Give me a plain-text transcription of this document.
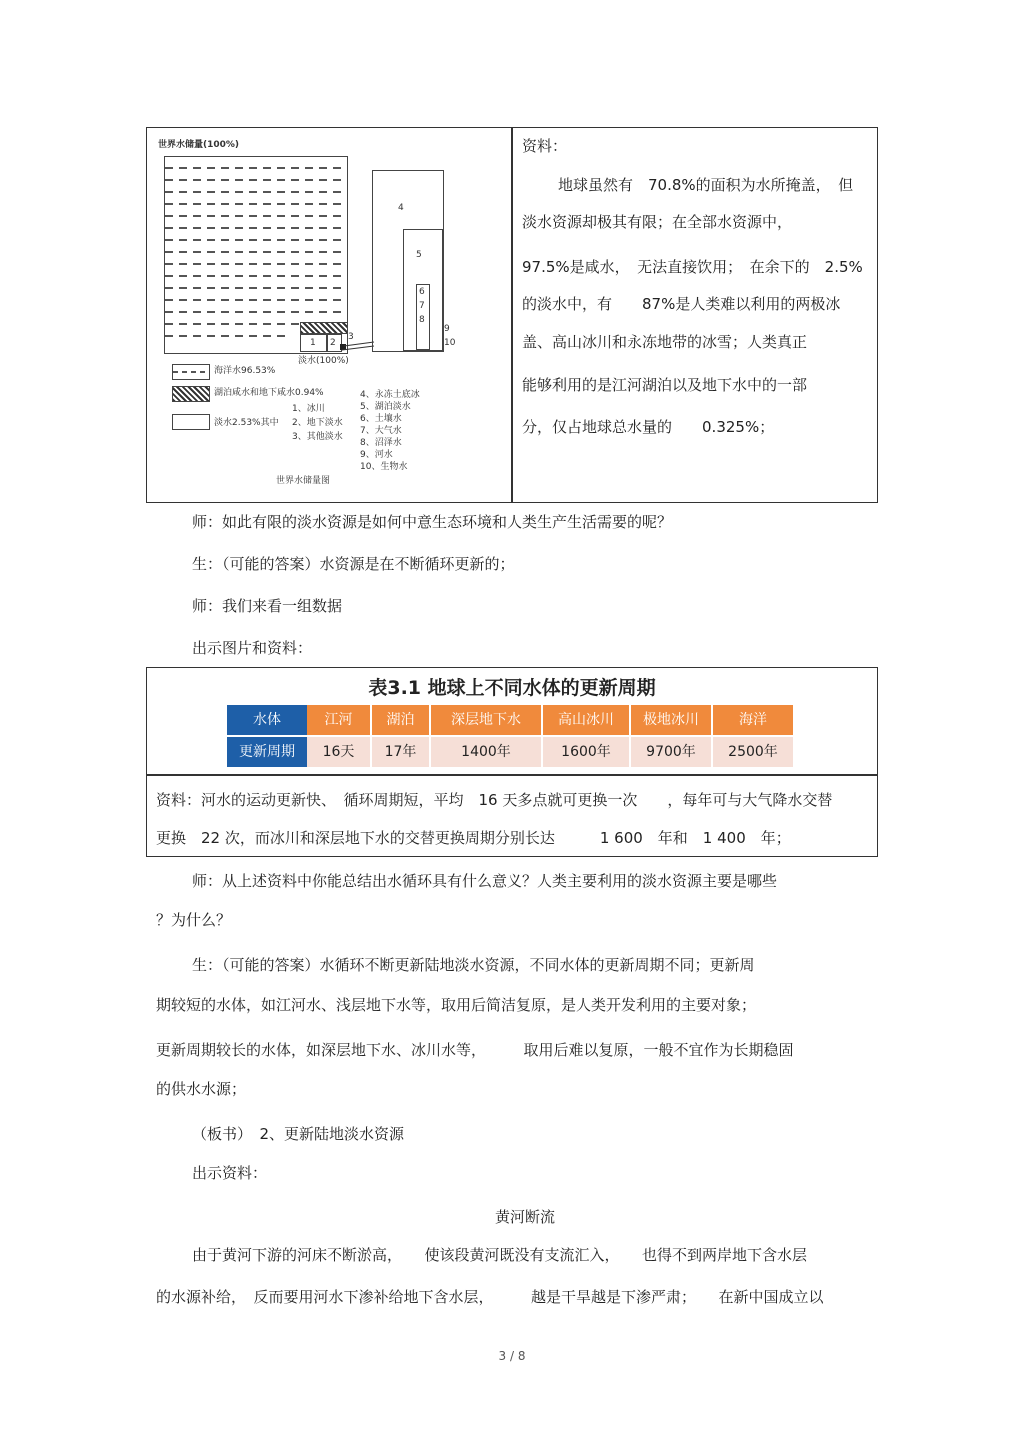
世界水储量(100%)
1 2
3
4
5
6
7
8
9
10
淡水(100%)
海洋水96.53%
湖泊咸水和地下咸水0.94%
淡水2.53%其中
1、冰川
2、地下淡水
3、其他淡水
4、永冻土底冰
5、湖泊淡水
6、土壤水
7、大气水
8、沼泽水
9、河水
10、生物水
世界水储量图
资料：
地球虽然有　70.8%的面积为水所掩盖，　但
淡水资源却极其有限；在全部水资源中，
97.5%是咸水，　无法直接饮用；　在余下的　2.5%
的淡水中，有　　87%是人类难以利用的两极冰
盖、高山冰川和永冻地带的冰雪；人类真正
能够利用的是江河湖泊以及地下水中的一部
分，仅占地球总水量的　　0.325%；
师：如此有限的淡水资源是如何中意生态环境和人类生产生活需要的呢？
生：（可能的答案）水资源是在不断循环更新的；
师：我们来看一组数据
出示图片和资料：
表3.1 地球上不同水体的更新周期
水体	江河	湖泊	深层地下水	高山冰川	极地冰川	海洋
更新周期	16天	17年	1400年	1600年	9700年	2500年
资料：河水的运动更新快、　循环周期短，平均　16 天多点就可更换一次　　，每年可与大气降水交替
更换　22 次，而冰川和深层地下水的交替更换周期分别长达　　　1 600　年和　1 400　年；
师：从上述资料中你能总结出水循环具有什么意义？人类主要利用的淡水资源主要是哪些
？为什么？
生：（可能的答案）水循环不断更新陆地淡水资源，不同水体的更新周期不同；更新周
期较短的水体，如江河水、浅层地下水等，取用后简洁复原，是人类开发利用的主要对象；
更新周期较长的水体，如深层地下水、冰川水等，　　　取用后难以复原，一般不宜作为长期稳固
的供水水源；
（板书）　2、更新陆地淡水资源
出示资料：
黄河断流
由于黄河下游的河床不断淤高，　　使该段黄河既没有支流汇入，　　也得不到两岸地下含水层
的水源补给，　反而要用河水下渗补给地下含水层，　　　越是干旱越是下渗严肃；　　在新中国成立以
3 / 8
